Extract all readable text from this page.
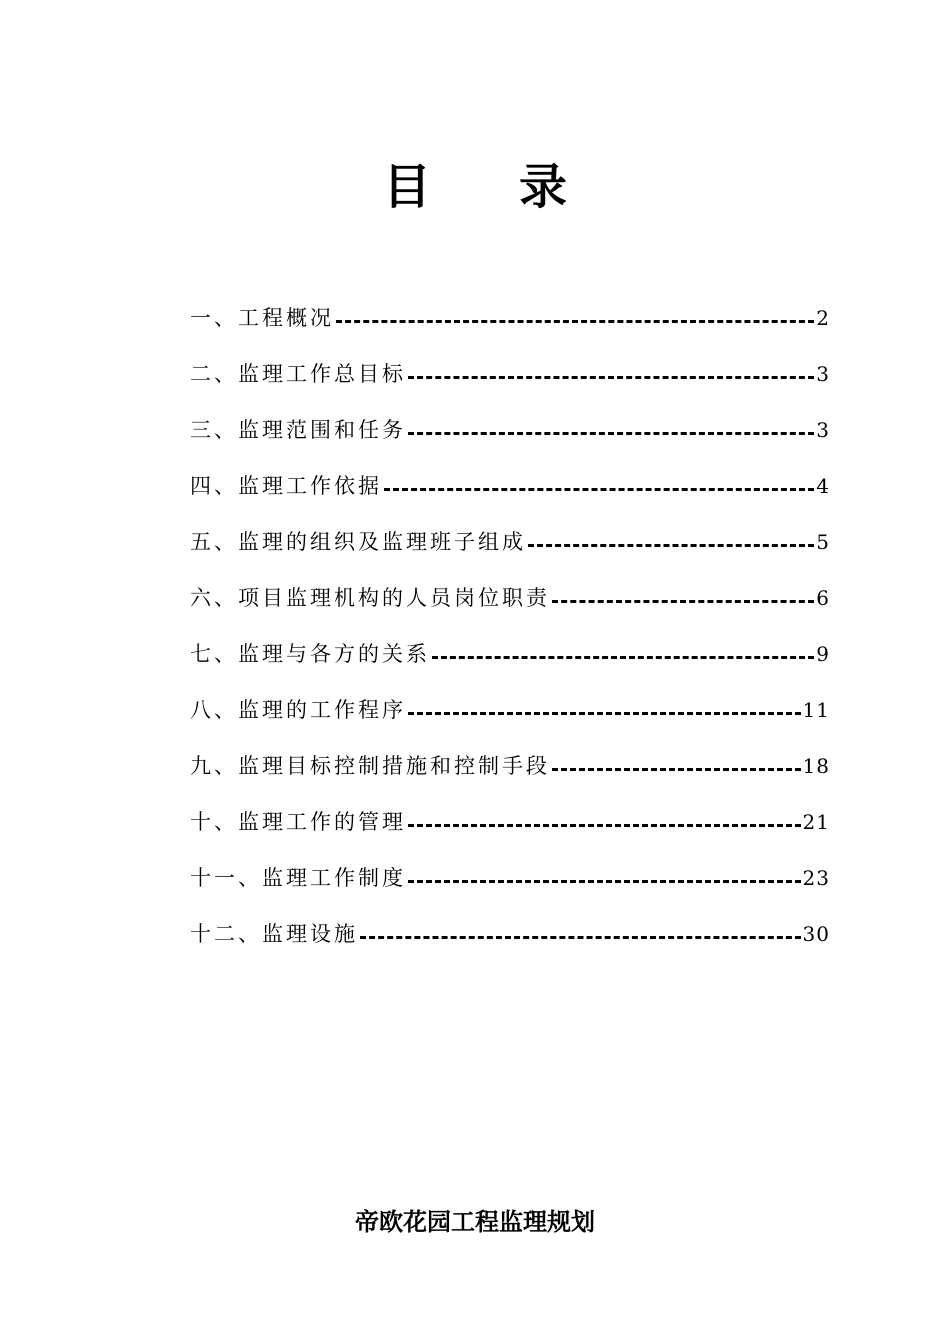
目 录
一、工程概况	2
二、监理工作总目标	3
三、监理范围和任务	3
四、监理工作依据	4
五、监理的组织及监理班子组成	5
六、项目监理机构的人员岗位职责	6
七、监理与各方的关系	9
八、监理的工作程序	11
九、监理目标控制措施和控制手段	18
十、监理工作的管理	21
十一、监理工作制度	23
十二、监理设施	30

帝欧花园工程监理规划
